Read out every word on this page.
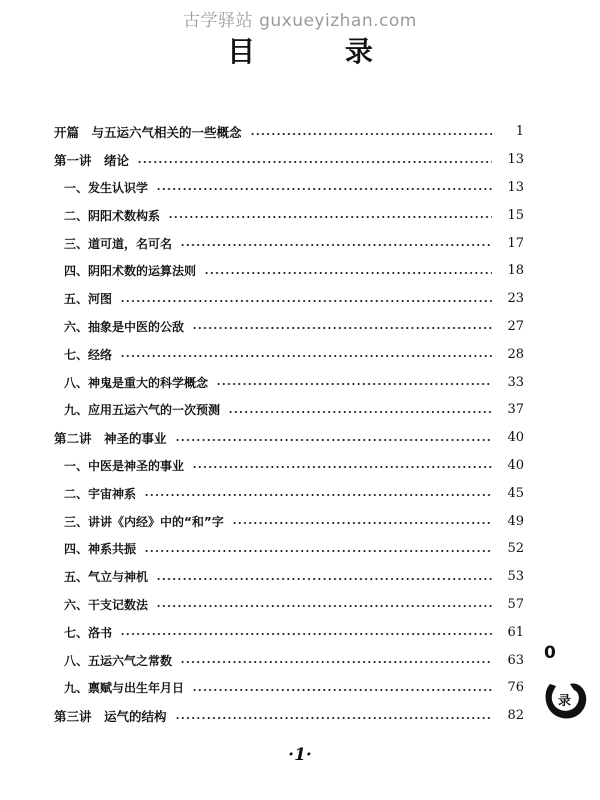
古学驿站 guxueyizhan.com
目 录
开篇　与五运六气相关的一些概念	1
第一讲　绪论	13
一、发生认识学	13
二、阴阳术数构系	15
三、道可道，名可名	17
四、阴阳术数的运算法则	18
五、河图	23
六、抽象是中医的公敌	27
七、经络	28
八、神鬼是重大的科学概念	33
九、应用五运六气的一次预测	37
第二讲　神圣的事业	40
一、中医是神圣的事业	40
二、宇宙神系	45
三、讲讲《内经》中的“和”字	49
四、神系共振	52
五、气立与神机	53
六、干支记数法	57
七、洛书	61
八、五运六气之常数	63
九、禀赋与出生年月日	76
第三讲　运气的结构	82
·1·
0
录
